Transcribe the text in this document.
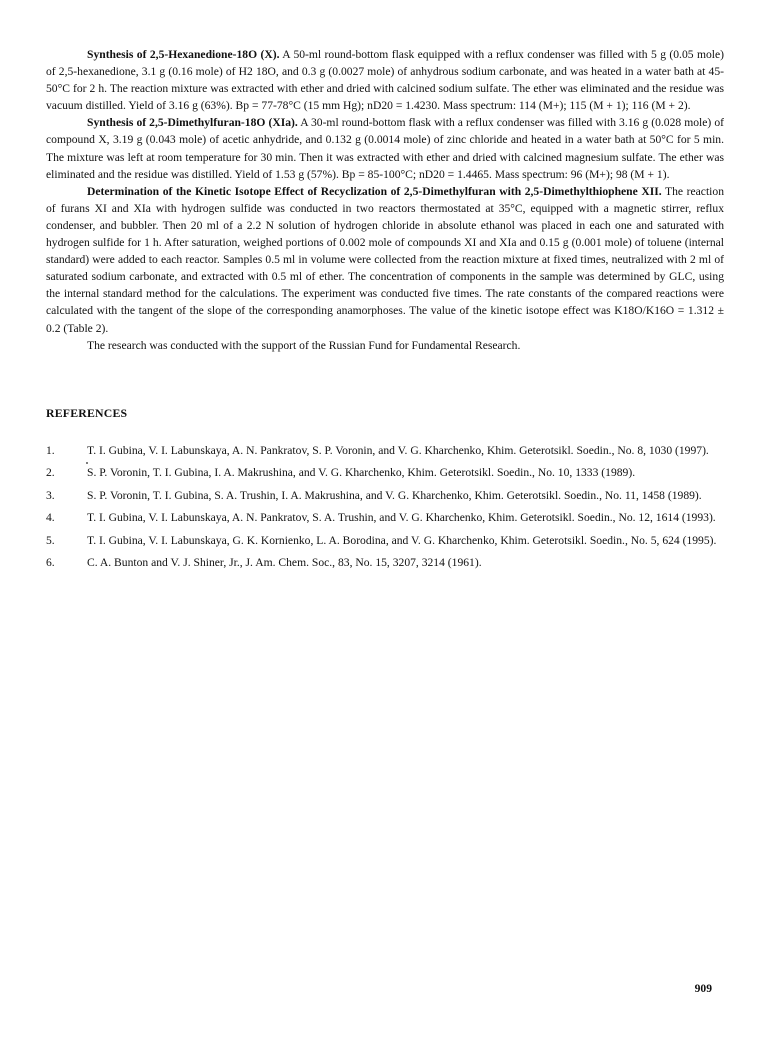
Synthesis of 2,5-Hexanedione-18O (X). A 50-ml round-bottom flask equipped with a reflux condenser was filled with 5 g (0.05 mole) of 2,5-hexanedione, 3.1 g (0.16 mole) of H2 18O, and 0.3 g (0.0027 mole) of anhydrous sodium carbonate, and was heated in a water bath at 45-50°C for 2 h. The reaction mixture was extracted with ether and dried with calcined sodium sulfate. The ether was eliminated and the residue was vacuum distilled. Yield of 3.16 g (63%). Bp = 77-78°C (15 mm Hg); nD20 = 1.4230. Mass spectrum: 114 (M+); 115 (M + 1); 116 (M + 2).

Synthesis of 2,5-Dimethylfuran-18O (XIa). A 30-ml round-bottom flask with a reflux condenser was filled with 3.16 g (0.028 mole) of compound X, 3.19 g (0.043 mole) of acetic anhydride, and 0.132 g (0.0014 mole) of zinc chloride and heated in a water bath at 50°C for 5 min. The mixture was left at room temperature for 30 min. Then it was extracted with ether and dried with calcined magnesium sulfate. The ether was eliminated and the residue was distilled. Yield of 1.53 g (57%). Bp = 85-100°C; nD20 = 1.4465. Mass spectrum: 96 (M+); 98 (M + 1).

Determination of the Kinetic Isotope Effect of Recyclization of 2,5-Dimethylfuran with 2,5-Dimethylthiophene XII. The reaction of furans XI and XIa with hydrogen sulfide was conducted in two reactors thermostated at 35°C, equipped with a magnetic stirrer, reflux condenser, and bubbler. Then 20 ml of a 2.2 N solution of hydrogen chloride in absolute ethanol was placed in each one and saturated with hydrogen sulfide for 1 h. After saturation, weighed portions of 0.002 mole of compounds XI and XIa and 0.15 g (0.001 mole) of toluene (internal standard) were added to each reactor. Samples 0.5 ml in volume were collected from the reaction mixture at fixed times, neutralized with 2 ml of saturated sodium carbonate, and extracted with 0.5 ml of ether. The concentration of components in the sample was determined by GLC, using the internal standard method for the calculations. The experiment was conducted five times. The rate constants of the compared reactions were calculated with the tangent of the slope of the corresponding anamorphoses. The value of the kinetic isotope effect was K18O/K16O = 1.312 ± 0.2 (Table 2).

The research was conducted with the support of the Russian Fund for Fundamental Research.

REFERENCES
1.	T. I. Gubina, V. I. Labunskaya, A. N. Pankratov, S. P. Voronin, and V. G. Kharchenko, Khim. Geterotsikl. Soedin., No. 8, 1030 (1997).
2.	S. P. Voronin, T. I. Gubina, I. A. Makrushina, and V. G. Kharchenko, Khim. Geterotsikl. Soedin., No. 10, 1333 (1989).
3.	S. P. Voronin, T. I. Gubina, S. A. Trushin, I. A. Makrushina, and V. G. Kharchenko, Khim. Geterotsikl. Soedin., No. 11, 1458 (1989).
4.	T. I. Gubina, V. I. Labunskaya, A. N. Pankratov, S. A. Trushin, and V. G. Kharchenko, Khim. Geterotsikl. Soedin., No. 12, 1614 (1993).
5.	T. I. Gubina, V. I. Labunskaya, G. K. Kornienko, L. A. Borodina, and V. G. Kharchenko, Khim. Geterotsikl. Soedin., No. 5, 624 (1995).
6.	C. A. Bunton and V. J. Shiner, Jr., J. Am. Chem. Soc., 83, No. 15, 3207, 3214 (1961).
909
